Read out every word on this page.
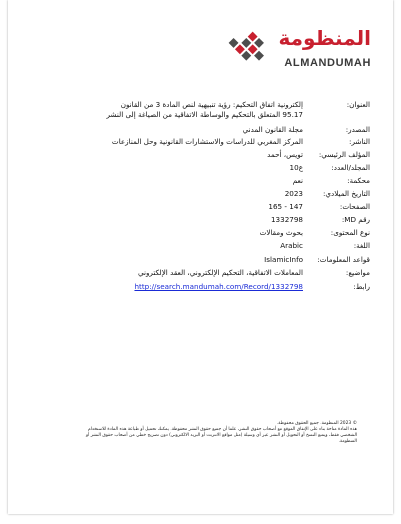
المنظومة
ALMANDUMAH
العنوان:
إلكترونية اتفاق التحكيم: رؤية تنبيهية لنص المادة 3 من القانون 95.17 المتعلق بالتحكيم والوساطة الاتفاقية من الصياغة إلى النشر
المصدر:
مجلة القانون المدني
الناشر:
المركز المغربي للدراسات والاستشارات القانونية وحل المنازعات
المؤلف الرئيسي:
تويس، أحمد
المجلد/العدد:
ع10
محكمة:
نعم
التاريخ الميلادي:
2023
الصفحات:
147 - 165
رقم MD:
1332798
نوع المحتوى:
بحوث ومقالات
اللغة:
Arabic
قواعد المعلومات:
IslamicInfo
مواضيع:
المعاملات الاتفاقية، التحكيم الإلكتروني، العقد الإلكتروني
رابط:
http://search.mandumah.com/Record/1332798
© 2023 المنظومة. جميع الحقوق محفوظة.
هذه المادة متاحة بناء على الإتفاق الموقع مع أصحاب حقوق النشر، علما أن جميع حقوق النشر محفوظة. يمكنك تحميل أو طباعة هذه المادة للاستخدام
الشخصي فقط، ويمنع النسخ أو التحويل أو النشر عبر أي وسيلة (مثل مواقع الانترنت أو البريد الالكتروني) دون تصريح خطي من أصحاب حقوق النشر أو
المنظومة.
